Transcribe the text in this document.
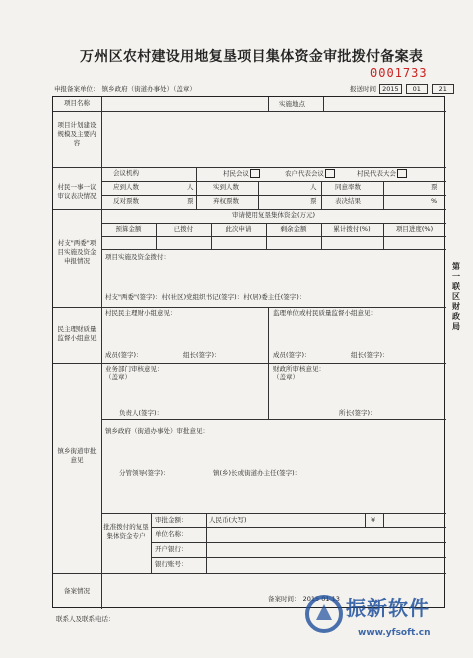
万州区农村建设用地复垦项目集体资金审批拨付备案表
0001733
申报备案单位： 镇乡政府（街道办事处）（盖章）	报送时间 2015 01	21
项目名称	实施地点
项目计划建设规模及主要内容
村民一事一议审议表决情况
会议机构	村民会议	农户代表会议	村民代表大会
应到人数	人	实到人数	人	同意率数	票
反对票数	票	弃权票数	票	表决结果	%
审请使用复垦集体资金(万元)
村支"两委"项目实施及资金申报情况
预算金额	已拨付	此次申请	剩余金额	累计拨付(%)	项目进度(%)
项目实施及资金拨付：
村支"两委"(签字)：村(社区)党组织书记(签字)：村(居)委主任(签字)：
民主理财质量监督小组意见
村民民主理财小组意见：
成员(签字)：	组长(签字)：
监理单位或村民质量监督小组意见：
成员(签字)：	组长(签字)：
镇乡街道审批意见
业务部门审核意见：
（盖章）
负责人(签字)：
财政所审核意见：
（盖章）
所长(签字)：
镇乡政府（街道办事处）审批意见：
分管领导(签字)：	镇(乡)长或街道办主任(签字)：
批准拨付的复垦集体资金专户
审批金额：	人民币(大写)	¥
单位名称：
开户银行：
银行账号：
备案情况
备案时间： 2015 01 13
第一联区财政局
联系人及联系电话：	振新软件
www.yfsoft.cn
